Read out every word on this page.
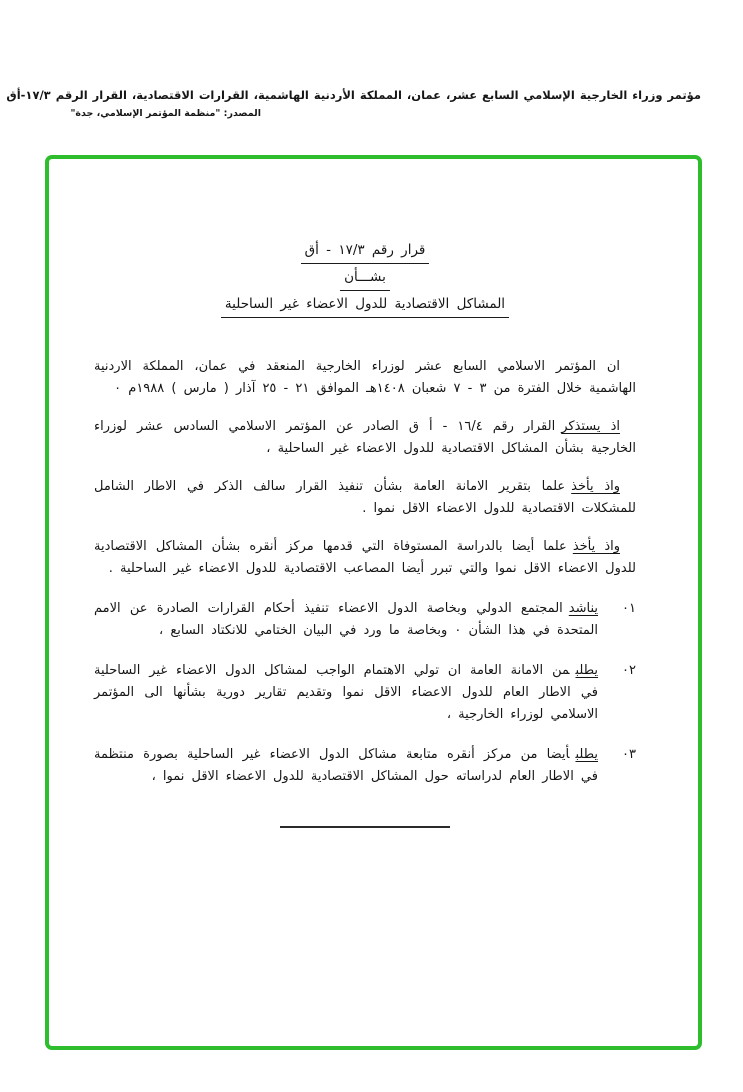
مؤتمر وزراء الخارجية الإسلامي السابع عشر، عمان، المملكة الأردنية الهاشمية، القرارات الاقتصادية، القرار الرقم ١٧/٣-أق
المصدر: "منظمة المؤتمر الإسلامي، جدة"
قرار رقم ١٧/٣ - أق
بشـــأن
المشاكل الاقتصادية للدول الاعضاء غير الساحلية

ان المؤتمر الاسلامي السابع عشر لوزراء الخارجية المنعقد في عمان، المملكة الاردنية الهاشمية خلال الفترة من ٣ - ٧ شعبان ١٤٠٨هـ الموافق ٢١ - ٢٥ آذار ( مارس ) ١٩٨٨م ٠

اذ يستذكرالقرار رقم ١٦/٤ - أ ق الصادر عن المؤتمر الاسلامي السادس عشر لوزراء الخارجية بشأن المشاكل الاقتصادية للدول الاعضاء غير الساحلية ،

واذ يأخذعلما بتقرير الامانة العامة بشأن تنفيذ القرار سالف الذكر في الاطار الشامل للمشكلات الاقتصادية للدول الاعضاء الاقل نموا .

واذ يأخذعلما أيضا بالدراسة المستوفاة التي قدمها مركز أنقره بشأن المشاكل الاقتصادية للدول الاعضاء الاقل نموا والتي تبرر أيضا المصاعب الاقتصادية للدول الاعضاء غير الساحلية .

٠١
يناشدالمجتمع الدولي وبخاصة الدول الاعضاء تنفيذ أحكام القرارات الصادرة عن الامم المتحدة في هذا الشأن ٠ وبخاصة ما ورد في البيان الختامي للانكتاد السابع ،
٠٢
يطلبمن الامانة العامة ان تولي الاهتمام الواجب لمشاكل الدول الاعضاء غير الساحلية في الاطار العام للدول الاعضاء الاقل نموا وتقديم تقارير دورية بشأنها الى المؤتمر الاسلامي لوزراء الخارجية ،
٠٣
يطلبأيضا من مركز أنقره متابعة مشاكل الدول الاعضاء غير الساحلية بصورة منتظمة في الاطار العام لدراساته حول المشاكل الاقتصادية للدول الاعضاء الاقل نموا ،
